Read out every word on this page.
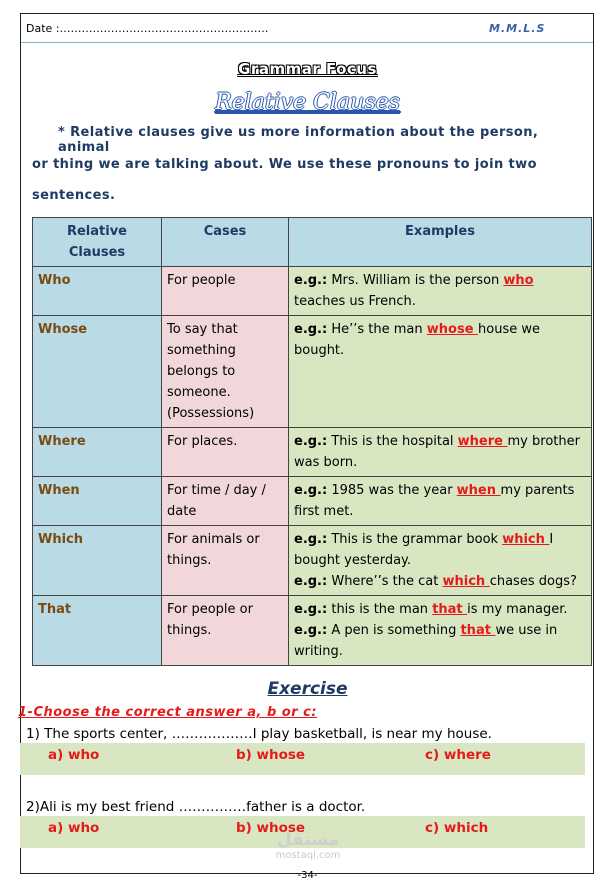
Date :…………………………………………………	M.M.L.S
Grammar Focus
Relative Clauses
* Relative clauses give us more information about the person, animal
or thing we are talking about. We use these pronouns to join two
sentences.
Relative Clauses	Cases	Examples
Who	For people	e.g.: Mrs. William is the person who teaches us French.
Whose	To say that something belongs to someone. (Possessions)	e.g.: He’’s the man whose house we bought.
Where	For places.	e.g.: This is the hospital where my brother was born.
When	For time / day / date	e.g.: 1985 was the year when my parents first met.
Which	For animals or things.	e.g.: This is the grammar book which I bought yesterday.
e.g.: Where’’s the cat which chases dogs?
That	For people or things.	e.g.: this is the man that is my manager.
e.g.: A pen is something that we use in writing.
Exercise
1-Choose the correct answer a, b or c:
1) The sports center, ………………I play basketball, is near my house.
a) who	b) whose	c) where
2)Ali is my best friend ……………father is a doctor.
a) who	b) whose	c) which
مستقل
mostaql.com
-34-
